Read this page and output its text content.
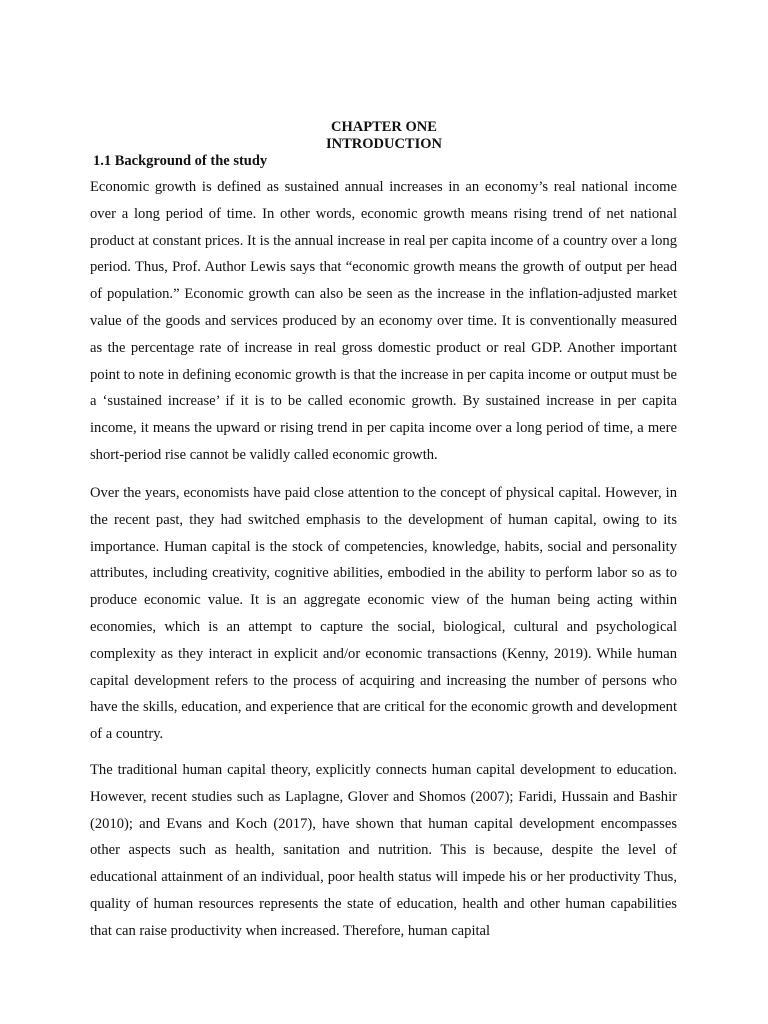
CHAPTER ONE
INTRODUCTION
1.1 Background of the study

Economic growth is defined as sustained annual increases in an economy’s real national income over a long period of time. In other words, economic growth means rising trend of net national product at constant prices. It is the annual increase in real per capita income of a country over a long period. Thus, Prof. Author Lewis says that “economic growth means the growth of output per head of population.” Economic growth can also be seen as the increase in the inflation-adjusted market value of the goods and services produced by an economy over time. It is conventionally measured as the percentage rate of increase in real gross domestic product or real GDP. Another important point to note in defining economic growth is that the increase in per capita income or output must be a ‘sustained increase’ if it is to be called economic growth. By sustained increase in per capita income, it means the upward or rising trend in per capita income over a long period of time, a mere short-period rise cannot be validly called economic growth.

Over the years, economists have paid close attention to the concept of physical capital. However, in the recent past, they had switched emphasis to the development of human capital, owing to its importance. Human capital is the stock of competencies, knowledge, habits, social and personality attributes, including creativity, cognitive abilities, embodied in the ability to perform labor so as to produce economic value. It is an aggregate economic view of the human being acting within economies, which is an attempt to capture the social, biological, cultural and psychological complexity as they interact in explicit and/or economic transactions (Kenny, 2019). While human capital development refers to the process of acquiring and increasing the number of persons who have the skills, education, and experience that are critical for the economic growth and development of a country.

The traditional human capital theory, explicitly connects human capital development to education. However, recent studies such as Laplagne, Glover and Shomos (2007); Faridi, Hussain and Bashir (2010); and Evans and Koch (2017), have shown that human capital development encompasses other aspects such as health, sanitation and nutrition. This is because, despite the level of educational attainment of an individual, poor health status will impede his or her productivity Thus, quality of human resources represents the state of education, health and other human capabilities that can raise productivity when increased. Therefore, human capital
